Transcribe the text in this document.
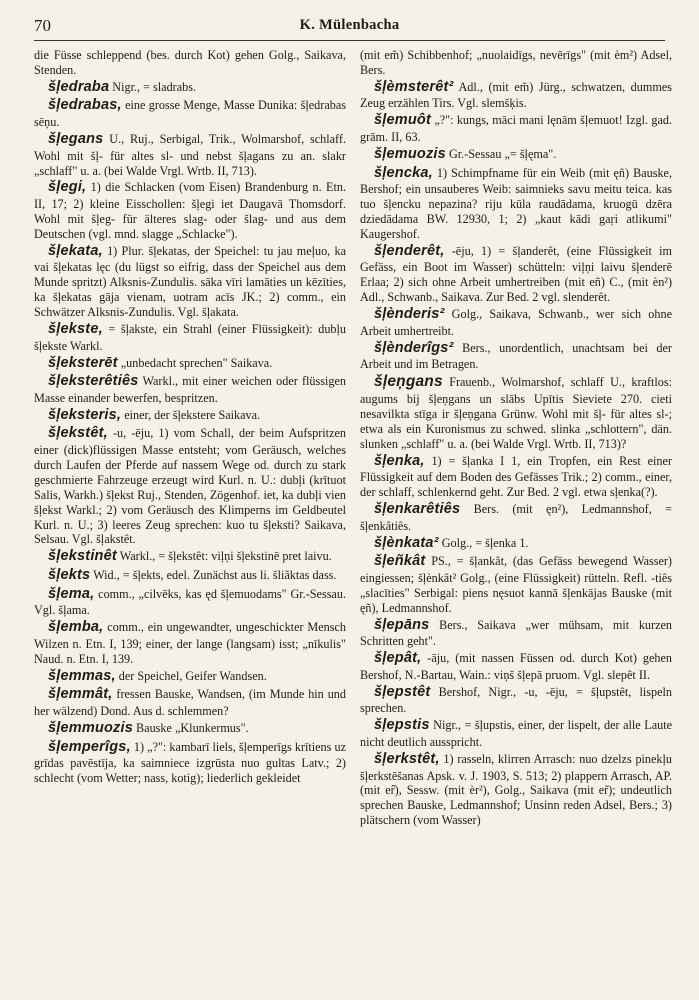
70	K. Mülenbacha

die Füsse schleppend (bes. durch Kot) gehen Golg., Saikava, Stenden.

šļedraba Nigr., = sladrabs.

šļedrabas, eine grosse Menge, Masse Dunika: šļedrabas sēņu.

šļegans U., Ruj., Serbigal, Trik., Wolmarshof, schlaff. Wohl mit šļ- für altes sl- und nebst šļagans zu an. slakr „schlaff" u. a. (bei Walde Vrgl. Wrtb. II, 713).

šļegi, 1) die Schlacken (vom Eisen) Brandenburg n. Etn. II, 17; 2) kleine Eisschollen: šļegi iet Daugavā Thomsdorf. Wohl mit šļeg- für älteres slag- oder šlag- und aus dem Deutschen (vgl. mnd. slagge „Schlacke").

šļekata, 1) Plur. šļekatas, der Speichel: tu jau meļuo, ka vai šļekatas lęc (du lügst so eifrig, dass der Speichel aus dem Munde spritzt) Alksnis-Zundulis. sāka vīri lamāties un kēzīties, ka šļekatas gāja vienam, uotram acīs JK.; 2) comm., ein Schwätzer Alksnis-Zundulis. Vgl. šļakata.

šļekste, = šļakste, ein Strahl (einer Flüssigkeit): dubļu šļekste Warkl.

šļeksterēt „unbedacht sprechen" Saikava.

šļeksterêtiês Warkl., mit einer weichen oder flüssigen Masse einander bewerfen, bespritzen.

šļeksteris, einer, der šļekstere Saikava.

šļekstêt, -u, -ēju, 1) vom Schall, der beim Aufspritzen einer (dick)flüssigen Masse entsteht; vom Geräusch, welches durch Laufen der Pferde auf nassem Wege od. durch zu stark geschmierte Fahrzeuge erzeugt wird Kurl. n. U.: dubļi (krītuot Salis, Warkh.) šļekst Ruj., Stenden, Zögenhof. iet, ka dubļi vien šļekst Warkl.; 2) vom Geräusch des Klimperns im Geldbeutel Kurl. n. U.; 3) leeres Zeug sprechen: kuo tu šļeksti? Saikava, Selsau. Vgl. šļakstêt.

šļekstinêt Warkl., = šļekstêt: viļņi šļekstinē pret laivu.

šļekts Wid., = šļekts, edel. Zunächst aus li. šliãktas dass.

šļema, comm., „cilvēks, kas ęd šļemuodams" Gr.-Sessau. Vgl. šļama.

šļemba, comm., ein ungewandter, ungeschickter Mensch Wilzen n. Etn. I, 139; einer, der lange (langsam) isst; „nīkulis" Naud. n. Etn. I, 139.

šļemmas, der Speichel, Geifer Wandsen.

šļemmât, fressen Bauske, Wandsen, (im Munde hin und her wälzend) Dond. Aus d. schlemmen?

šļemmuozis Bauske „Klunkermus".

šļemperîgs, 1) „?": kambarī liels, šļemperīgs krītiens uz grīdas pavēstīja, ka saimniece izgrūsta nuo gultas Latv.; 2) schlecht (vom Wetter; nass, kotig); liederlich gekleidet

(mit em̃) Schibbenhof; „nuolaidīgs, nevērīgs" (mit èm²) Adsel, Bers.

šļèmsterêt² Adl., (mit em̃) Jürg., schwatzen, dummes Zeug erzählen Tirs. Vgl. slemšķis.

šļemuôt „?": kungs, māci mani lęnām šļemuot! Izgl. gad. grām. II, 63.

šļemuozis Gr.-Sessau „= šļęma".

šļencka, 1) Schimpfname für ein Weib (mit ęñ) Bauske, Bershof; ein unsauberes Weib: saimnieks savu meitu teica. kas tuo šļencku nepazina? riju kūla raudādama, kruogū dzēra dziedādama BW. 12930, 1; 2) „kaut kādi gaŗi atlikumi" Kaugershof.

šļenderêt, -ēju, 1) = šļanderêt, (eine Flüssigkeit im Gefäss, ein Boot im Wasser) schütteln: viļņi laivu šļenderē Erlaa; 2) sich ohne Arbeit umhertreiben (mit eñ) C., (mit èn²) Adl., Schwanb., Saikava. Zur Bed. 2 vgl. slenderêt.

šļènderis² Golg., Saikava, Schwanb., wer sich ohne Arbeit umhertreibt.

šļènderîgs² Bers., unordentlich, unachtsam bei der Arbeit und im Betragen.

šļeņgans Frauenb., Wolmarshof, schlaff U., kraftlos: augums bij šļeņgans un slābs Upītis Sieviete 270. cieti nesavilkta stīga ir šļeņgana Grünw. Wohl mit šļ- für altes sl-; etwa als ein Kuronismus zu schwed. slinka „schlottern", dän. slunken „schlaff" u. a. (bei Walde Vrgl. Wrtb. II, 713)?

šļenka, 1) = šļanka I 1, ein Tropfen, ein Rest einer Flüssigkeit auf dem Boden des Gefässes Trik.; 2) comm., einer, der schlaff, schlenkernd geht. Zur Bed. 2 vgl. etwa sļenka(?).

šļenkarêtiês Bers. (mit ęn²), Ledmannshof, = šļenkâtiês.

šļènkata² Golg., = šļenka 1.

šļeñkât PS., = šļankât, (das Gefäss bewegend Wasser) eingiessen; šļènkât² Golg., (eine Flüssigkeit) rütteln. Refl. -tiês „slacīties" Serbigal: piens nęsuot kannā šļenkājas Bauske (mit ęñ), Ledmannshof.

šļepāns Bers., Saikava „wer mühsam, mit kurzen Schritten geht".

šļepât, -āju, (mit nassen Füssen od. durch Kot) gehen Bershof, N.-Bartau, Wain.: viņš šļepā pruom. Vgl. slepêt II.

šļepstêt Bershof, Nigr., -u, -ēju, = šļupstêt, lispeln sprechen.

šļepstis Nigr., = šļupstis, einer, der lispelt, der alle Laute nicht deutlich ausspricht.

šļerkstêt, 1) rasseln, klirren Arrasch: nuo dzelzs pinekļu šļerkstēšanas Apsk. v. J. 1903, S. 513; 2) plappern Arrasch, AP. (mit er̂), Sessw. (mit èr²), Golg., Saikava (mit er̃); undeutlich sprechen Bauske, Ledmannshof; Unsinn reden Adsel, Bers.; 3) plätschern (vom Wasser)
